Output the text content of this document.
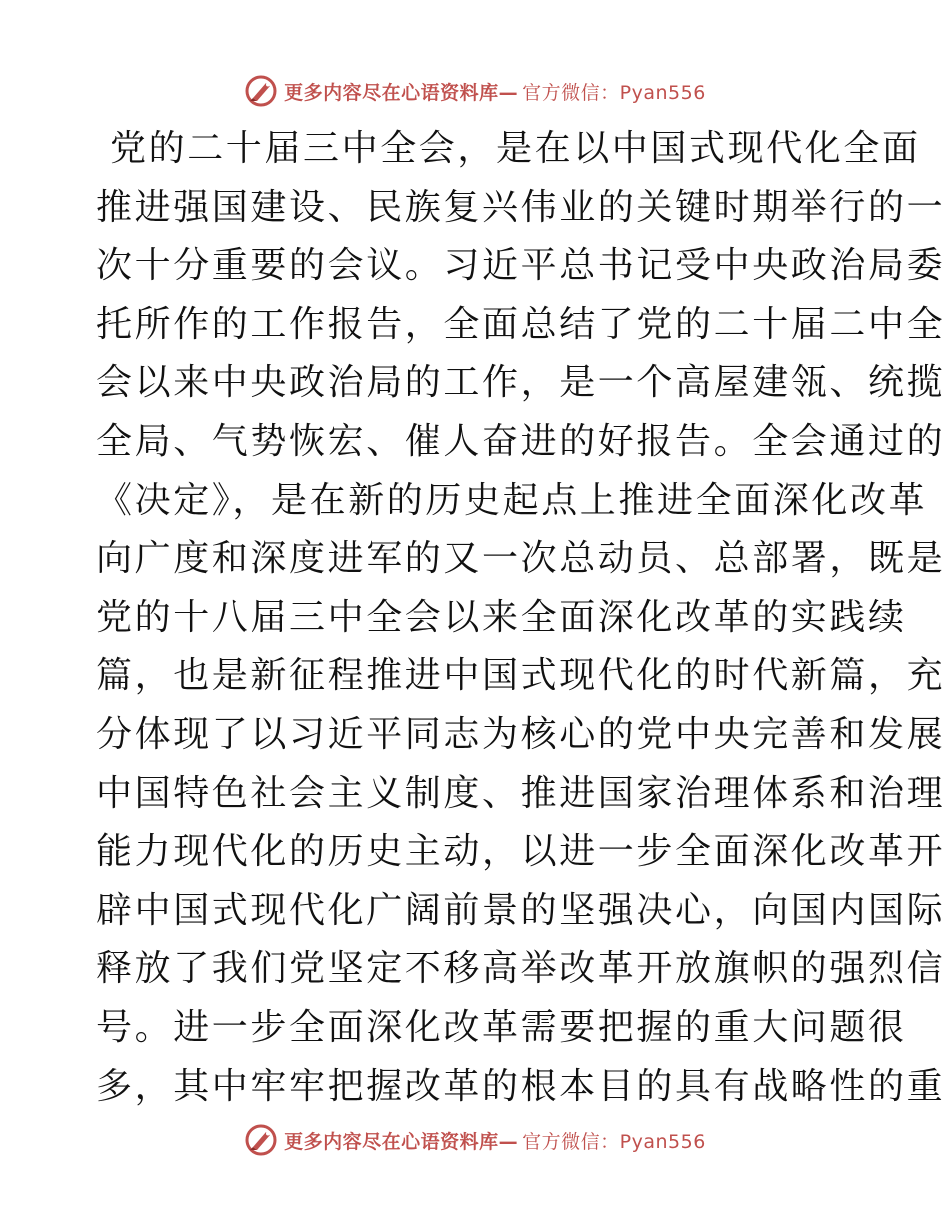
更多内容尽在心语资料库— 官方微信：Pyan556
党的二十届三中全会，是在以中国式现代化全面
推进强国建设、民族复兴伟业的关键时期举行的一
次十分重要的会议。习近平总书记受中央政治局委
托所作的工作报告，全面总结了党的二十届二中全
会以来中央政治局的工作，是一个高屋建瓴、统揽
全局、气势恢宏、催人奋进的好报告。全会通过的
《决定》，是在新的历史起点上推进全面深化改革
向广度和深度进军的又一次总动员、总部署，既是
党的十八届三中全会以来全面深化改革的实践续
篇，也是新征程推进中国式现代化的时代新篇，充
分体现了以习近平同志为核心的党中央完善和发展
中国特色社会主义制度、推进国家治理体系和治理
能力现代化的历史主动，以进一步全面深化改革开
辟中国式现代化广阔前景的坚强决心，向国内国际
释放了我们党坚定不移高举改革开放旗帜的强烈信
号。进一步全面深化改革需要把握的重大问题很
多，其中牢牢把握改革的根本目的具有战略性的重
更多内容尽在心语资料库— 官方微信：Pyan556
